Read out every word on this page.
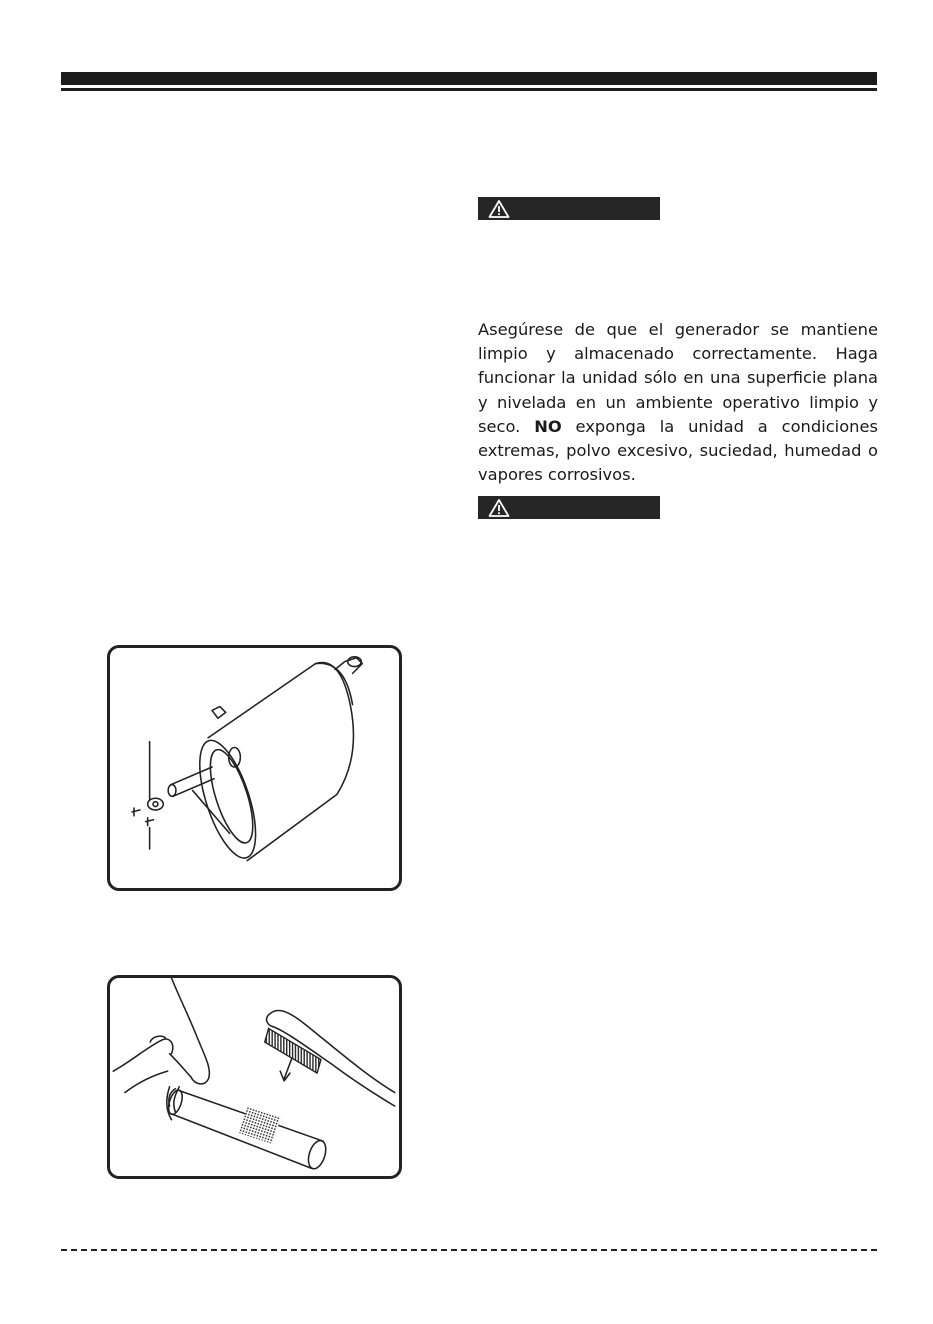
Asegúrese de que el generador se mantiene limpio y almacenado correctamente. Haga funcionar la unidad sólo en una superficie plana y nivelada en un ambiente operativo limpio y seco. NO exponga la unidad a condiciones extremas, polvo excesivo, suciedad, humedad o vapores corrosivos.
